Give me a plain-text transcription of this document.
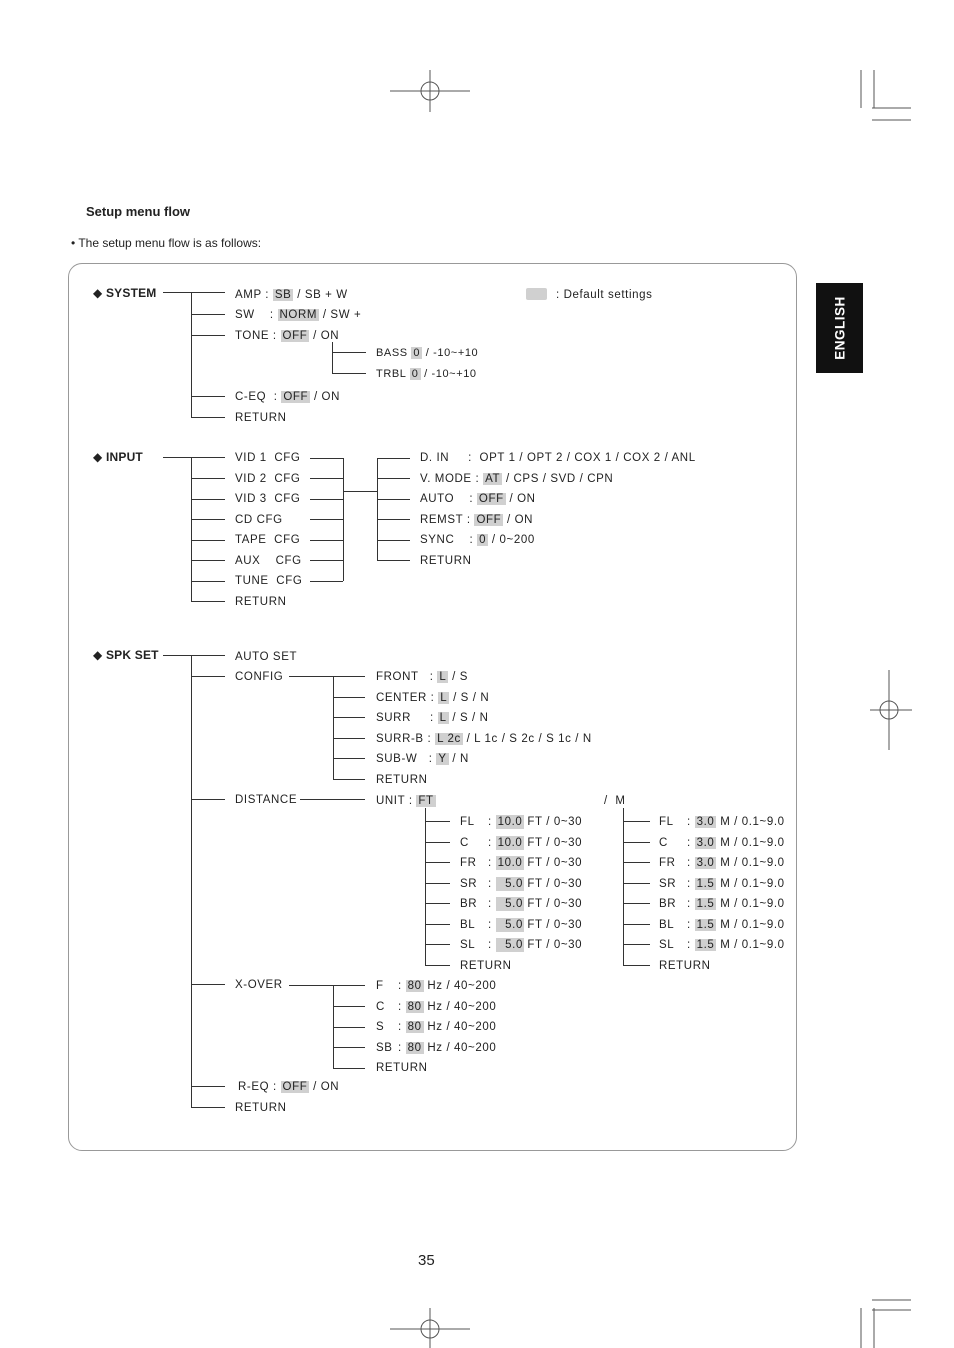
Setup menu flow
• The setup menu flow is as follows:
ENGLISH
: Default settings
◆ SYSTEM	AMP : SB / SB + W
SW    : NORM / SW +
TONE : OFF / ON
BASS 0 / -10~+10
TRBL 0 / -10~+10
C-EQ  : OFF / ON
RETURN
◆ INPUT	VID 1  CFG
VID 2  CFG
VID 3  CFG
CD CFG
TAPE  CFG
AUX    CFG
TUNE  CFG
RETURN
D. IN     :  OPT 1 / OPT 2 / COX 1 / COX 2 / ANL
V. MODE : AT / CPS / SVD / CPN
AUTO    : OFF / ON
REMST : OFF / ON
SYNC    : 0 / 0~200
RETURN
◆ SPK SET	AUTO SET
CONFIG	FRONT   : L / S
CENTER : L / S / N
SURR     : L / S / N
SURR-B : L 2c / L 1c / S 2c / S 1c / N
SUB-W   : Y / N
RETURN
DISTANCE	UNIT : FT	/  M
FL : 10.0 FT / 0~30
C : 10.0 FT / 0~30
FR : 10.0 FT / 0~30
SR :   5.0 FT / 0~30
BR :   5.0 FT / 0~30
BL :   5.0 FT / 0~30
SL :   5.0 FT / 0~30
RETURN
FL : 3.0 M / 0.1~9.0
C : 3.0 M / 0.1~9.0
FR : 3.0 M / 0.1~9.0
SR : 1.5 M / 0.1~9.0
BR : 1.5 M / 0.1~9.0
BL : 1.5 M / 0.1~9.0
SL : 1.5 M / 0.1~9.0
RETURN
X-OVER	F : 80 Hz / 40~200
C : 80 Hz / 40~200
S : 80 Hz / 40~200
SB : 80 Hz / 40~200
RETURN
R-EQ : OFF / ON
RETURN
35
